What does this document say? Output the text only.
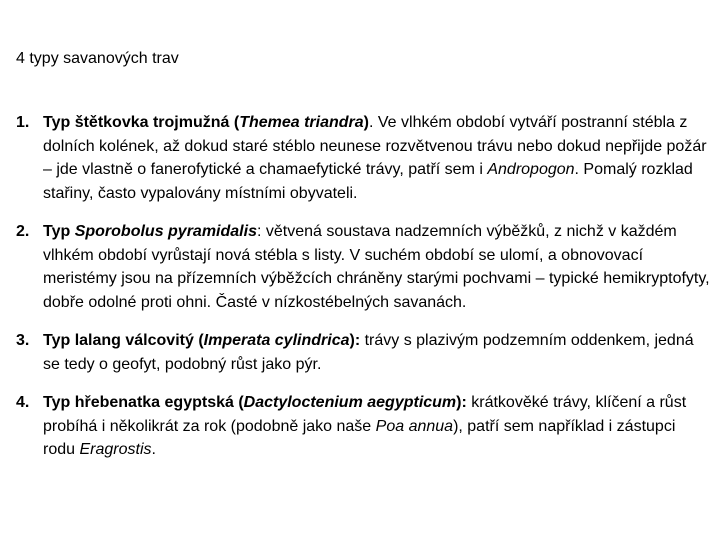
4 typy savanových trav
1. Typ štětkovka trojmužná (Themea triandra). Ve vlhkém období vytváří postranní stébla z dolních kolének, až dokud staré stéblo neunese rozvětvenou trávu nebo dokud nepřijde požár – jde vlastně o fanerofytické a chamaefytické trávy, patří sem i Andropogon. Pomalý rozklad stařiny, často vypalovány místními obyvateli.
2. Typ Sporobolus pyramidalis: větvená soustava nadzemních výběžků, z nichž v každém vlhkém období vyrůstají nová stébla s listy. V suchém období se ulomí, a obnovovací meristémy jsou na přízemních výběžcích chráněny starými pochvami – typické hemikryptofyty, dobře odolné proti ohni. Časté v nízkostébelných savanách.
3. Typ lalang válcovitý (Imperata cylindrica): trávy s plazivým podzemním oddenkem, jedná se tedy o geofyt, podobný růst jako pýr.
4. Typ hřebenatka egyptská (Dactyloctenium aegypticum): krátkověké trávy, klíčení a růst probíhá i několikrát za rok (podobně jako naše Poa annua), patří sem například i zástupci rodu Eragrostis.
